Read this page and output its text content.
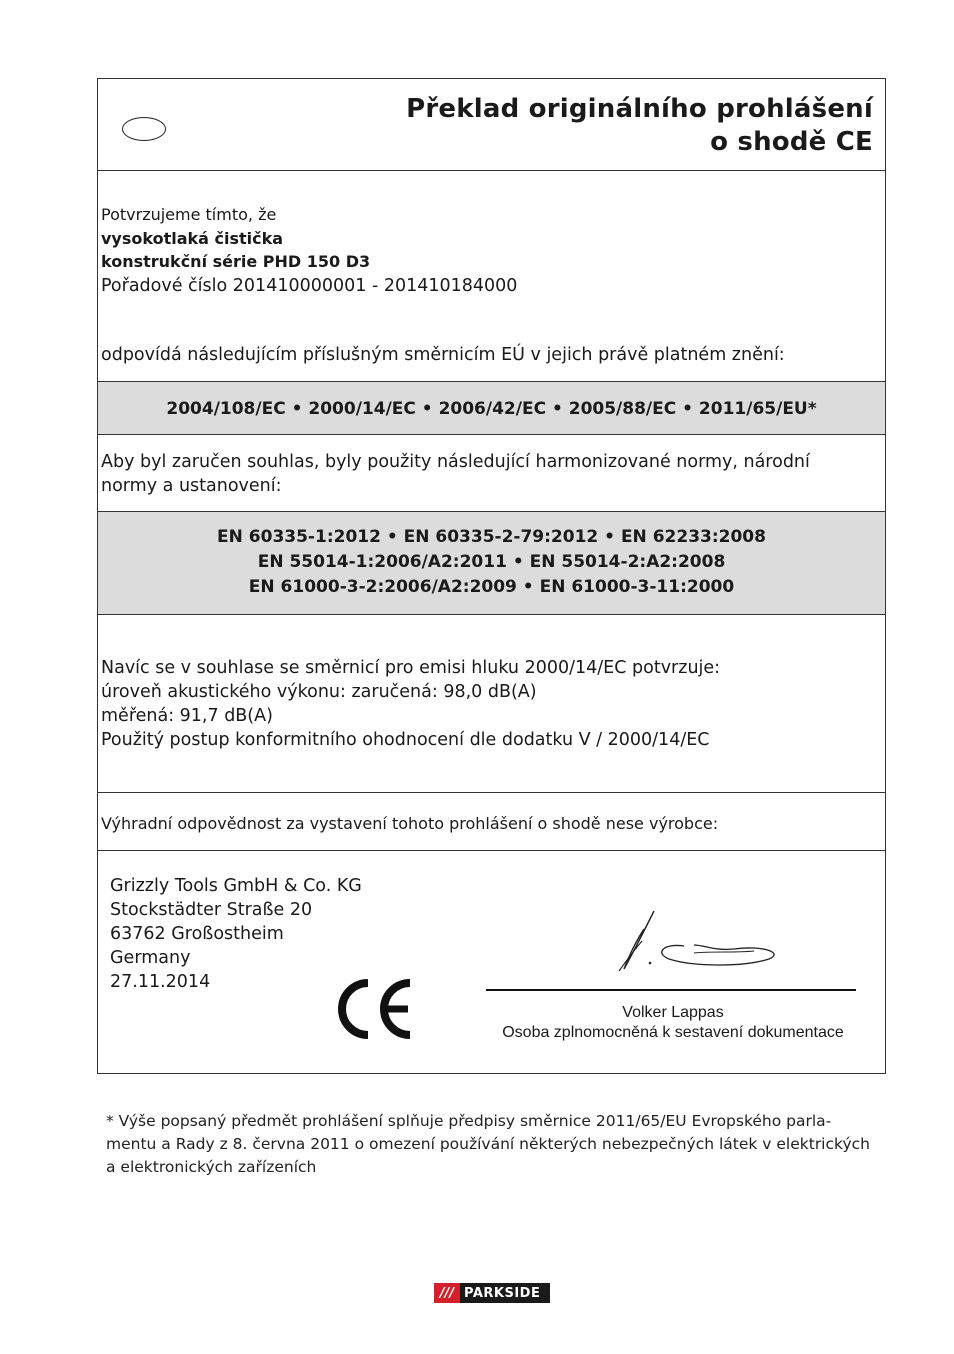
Překlad originálního prohlášení
o shodě CE
Potvrzujeme tímto, že
vysokotlaká čistička
konstrukční série PHD 150 D3
Pořadové číslo 201410000001 - 201410184000
odpovídá následujícím příslušným směrnicím EÚ v jejich právě platném znění:
2004/108/EC • 2000/14/EC • 2006/42/EC • 2005/88/EC • 2011/65/EU*
Aby byl zaručen souhlas, byly použity následující harmonizované normy, národní
normy a ustanovení:
EN 60335-1:2012 • EN 60335-2-79:2012 • EN 62233:2008
EN 55014-1:2006/A2:2011 • EN 55014-2:A2:2008
EN 61000-3-2:2006/A2:2009 • EN 61000-3-11:2000
Navíc se v souhlase se směrnicí pro emisi hluku 2000/14/EC potvrzuje:
úroveň akustického výkonu: zaručená: 98,0 dB(A)
měřená: 91,7 dB(A)
Použitý postup konformitního ohodnocení dle dodatku V / 2000/14/EC
Výhradní odpovědnost za vystavení tohoto prohlášení o shodě nese výrobce:
Grizzly Tools GmbH & Co. KG
Stockstädter Straße 20
63762 Großostheim
Germany
27.11.2014
Volker Lappas
Osoba zplnomocněná k sestavení dokumentace
* Výše popsaný předmět prohlášení splňuje předpisy směrnice 2011/65/EU Evropského parla-
mentu a Rady z 8. června 2011 o omezení používání některých nebezpečných látek v elektrických
a elektronických zařízeních
/// PARKSIDE
